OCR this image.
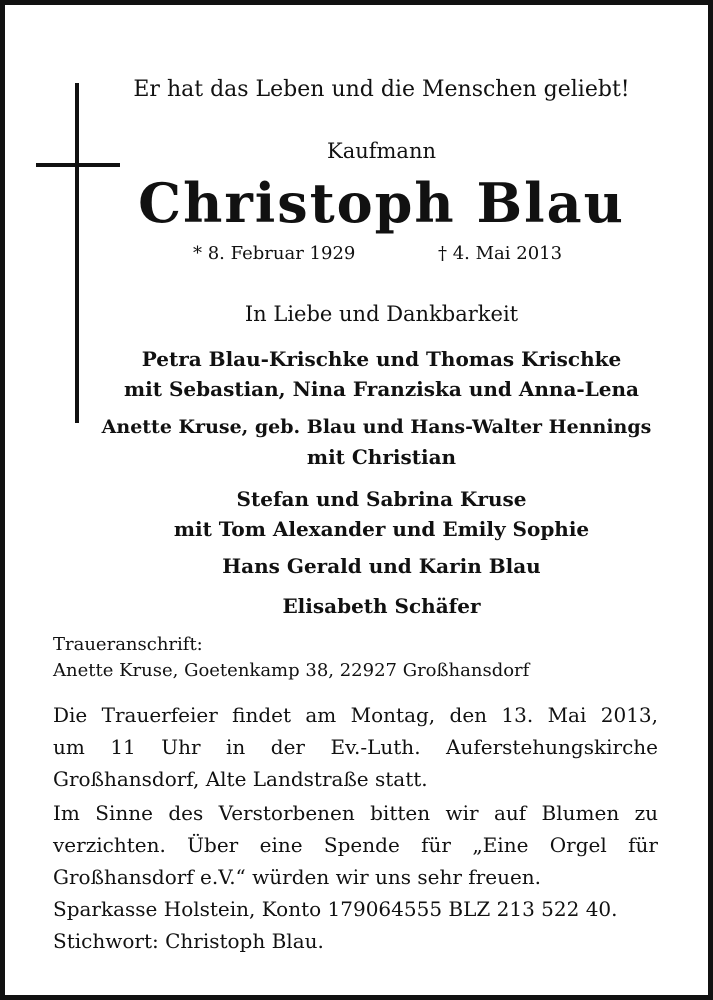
Er hat das Leben und die Menschen geliebt!
Kaufmann
Christoph Blau
* 8. Februar 1929	† 4. Mai 2013
In Liebe und Dankbarkeit
Petra Blau-Krischke und Thomas Krischke
mit Sebastian, Nina Franziska und Anna-Lena
Anette Kruse, geb. Blau und Hans-Walter Hennings
mit Christian
Stefan und Sabrina Kruse
mit Tom Alexander und Emily Sophie
Hans Gerald und Karin Blau
Elisabeth Schäfer
Traueranschrift:
Anette Kruse, Goetenkamp 38, 22927 Großhansdorf
Die Trauerfeier findet am Montag, den 13. Mai 2013,
um 11 Uhr in der Ev.-Luth. Auferstehungskirche
Großhansdorf, Alte Landstraße statt.
Im Sinne des Verstorbenen bitten wir auf Blumen zu
verzichten. Über eine Spende für „Eine Orgel für
Großhansdorf e.V.“ würden wir uns sehr freuen.
Sparkasse Holstein, Konto 179064555 BLZ 213 522 40.
Stichwort: Christoph Blau.
